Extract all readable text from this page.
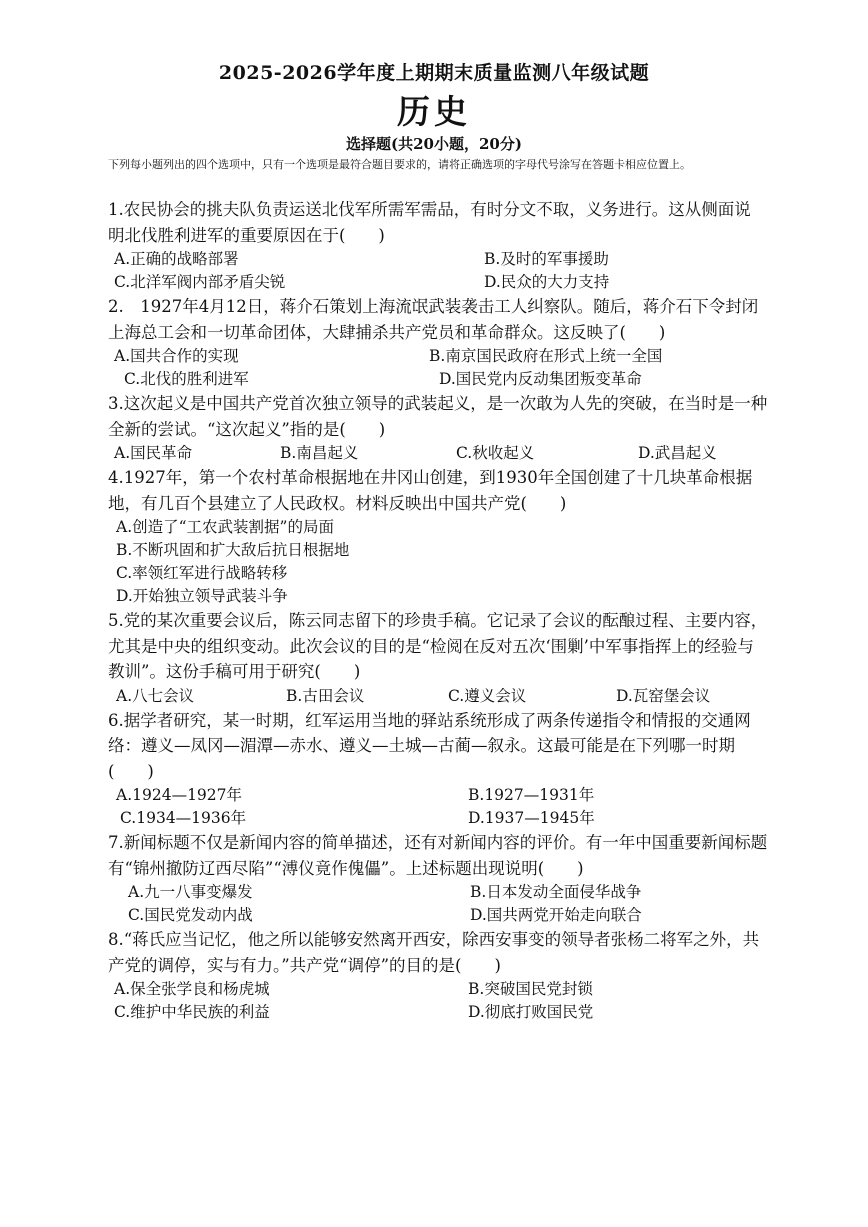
2025-2026学年度上期期末质量监测八年级试题
历史
选择题(共20小题，20分)
下列每小题列出的四个选项中，只有一个选项是最符合题目要求的，请将正确选项的字母代号涂写在答题卡相应位置上。
1.农民协会的挑夫队负责运送北伐军所需军需品，有时分文不取，义务进行。这从侧面说明北伐胜利进军的重要原因在于(　　)
A.正确的战略部署	B.及时的军事援助
C.北洋军阀内部矛盾尖锐	D.民众的大力支持
2.　1927年4月12日，蒋介石策划上海流氓武装袭击工人纠察队。随后，蒋介石下令封闭上海总工会和一切革命团体，大肆捕杀共产党员和革命群众。这反映了(　　)
A.国共合作的实现	B.南京国民政府在形式上统一全国
C.北伐的胜利进军	D.国民党内反动集团叛变革命
3.这次起义是中国共产党首次独立领导的武装起义，是一次敢为人先的突破，在当时是一种全新的尝试。“这次起义”指的是(　　)
A.国民革命	B.南昌起义	C.秋收起义	D.武昌起义
4.1927年，第一个农村革命根据地在井冈山创建，到1930年全国创建了十几块革命根据地，有几百个县建立了人民政权。材料反映出中国共产党(　　)
A.创造了“工农武装割据”的局面
B.不断巩固和扩大敌后抗日根据地
C.率领红军进行战略转移
D.开始独立领导武装斗争
5.党的某次重要会议后，陈云同志留下的珍贵手稿。它记录了会议的酝酿过程、主要内容，尤其是中央的组织变动。此次会议的目的是“检阅在反对五次‘围剿’中军事指挥上的经验与教训”。这份手稿可用于研究(　　)
A.八七会议	B.古田会议	C.遵义会议	D.瓦窑堡会议
6.据学者研究，某一时期，红军运用当地的驿站系统形成了两条传递指令和情报的交通网络：遵义—凤冈—湄潭—赤水、遵义—土城—古蔺—叙永。这最可能是在下列哪一时期(　　)
A.1924—1927年	B.1927—1931年
C.1934—1936年	D.1937—1945年
7.新闻标题不仅是新闻内容的简单描述，还有对新闻内容的评价。有一年中国重要新闻标题有“锦州撤防辽西尽陷”“溥仪竟作傀儡”。上述标题出现说明(　　)
A.九一八事变爆发	B.日本发动全面侵华战争
C.国民党发动内战	D.国共两党开始走向联合
8.“蒋氏应当记忆，他之所以能够安然离开西安，除西安事变的领导者张杨二将军之外，共产党的调停，实与有力。”共产党“调停”的目的是(　　)
A.保全张学良和杨虎城	B.突破国民党封锁
C.维护中华民族的利益	D.彻底打败国民党
